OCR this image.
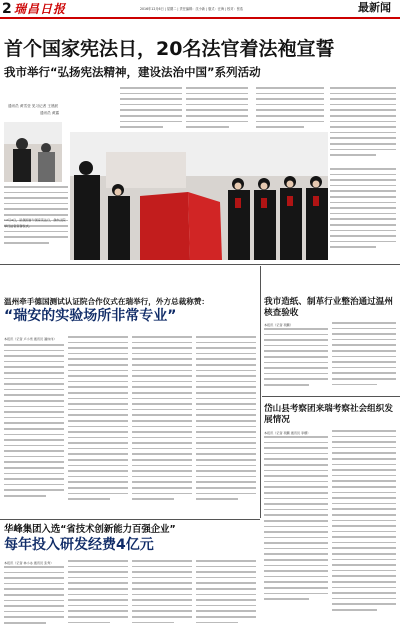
2 瑞昌日报	2016年12月6日 | 星期二 | 责任编辑：沈小新 | 版式：汪海 | 校对：张浩	最新闻
首个国家宪法日，20名法官着法袍宣誓
我市举行“弘扬宪法精神，建设法治中国”系列活动
通讯员 黄雪莹 见习记者 王晨跃
通讯员 黄露
12月4日，是我国首个国家宪法日，我市法院举行法官宣誓仪式。
温州牵手德国测试认证院合作仪式在瑞举行，外方总裁称赞：
“瑞安的实验场所非常专业”
本报讯（记者 卢小雪 通讯员 潘伟伟）
我市造纸、制革行业整治通过温州核查验收
本报讯（记者 项鹏）
岱山县考察团来瑞考察社会组织发展情况
本报讯（记者 项鹏 通讯员 李娜）
华峰集团入选“省技术创新能力百强企业”
每年投入研发经费4亿元
本报讯（记者 林小冰 通讯员 张秀）
